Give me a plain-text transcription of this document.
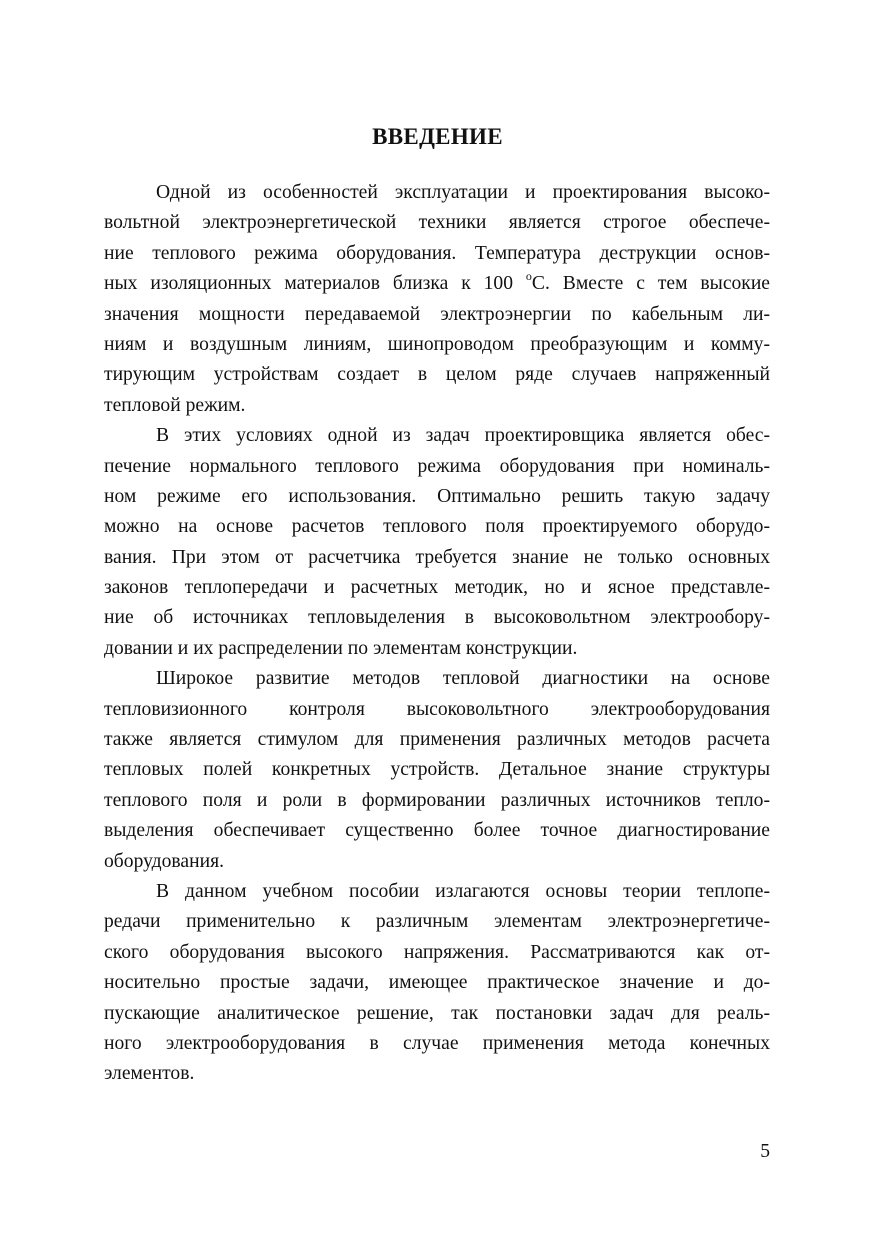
ВВЕДЕНИЕ
Одной из особенностей эксплуатации и проектирования высоко-
вольтной электроэнергетической техники является строгое обеспече-
ние теплового режима оборудования. Температура деструкции основ-
ных изоляционных материалов близка к 100 $^o$С. Вместе с тем высокие
значения мощности передаваемой электроэнергии по кабельным ли-
ниям и воздушным линиям, шинопроводом преобразующим и комму-
тирующим устройствам создает в целом ряде случаев напряженный
тепловой режим.
В этих условиях одной из задач проектировщика является обес-
печение нормального теплового режима оборудования при номиналь-
ном режиме его использования. Оптимально решить такую задачу
можно на основе расчетов теплового поля проектируемого оборудо-
вания. При этом от расчетчика требуется знание не только основных
законов теплопередачи и расчетных методик, но и ясное представле-
ние об источниках тепловыделения в высоковольтном электрообору-
довании и их распределении по элементам конструкции.
Широкое развитие методов тепловой диагностики на основе
тепловизионного контроля высоковольтного электрооборудования
также является стимулом для применения различных методов расчета
тепловых полей конкретных устройств. Детальное знание структуры
теплового поля и роли в формировании различных источников тепло-
выделения обеспечивает существенно более точное диагностирование
оборудования.
В данном учебном пособии излагаются основы теории теплопе-
редачи применительно к различным элементам электроэнергетиче-
ского оборудования высокого напряжения. Рассматриваются как от-
носительно простые задачи, имеющее практическое значение и до-
пускающие аналитическое решение, так постановки задач для реаль-
ного электрооборудования в случае применения метода конечных
элементов.
5
